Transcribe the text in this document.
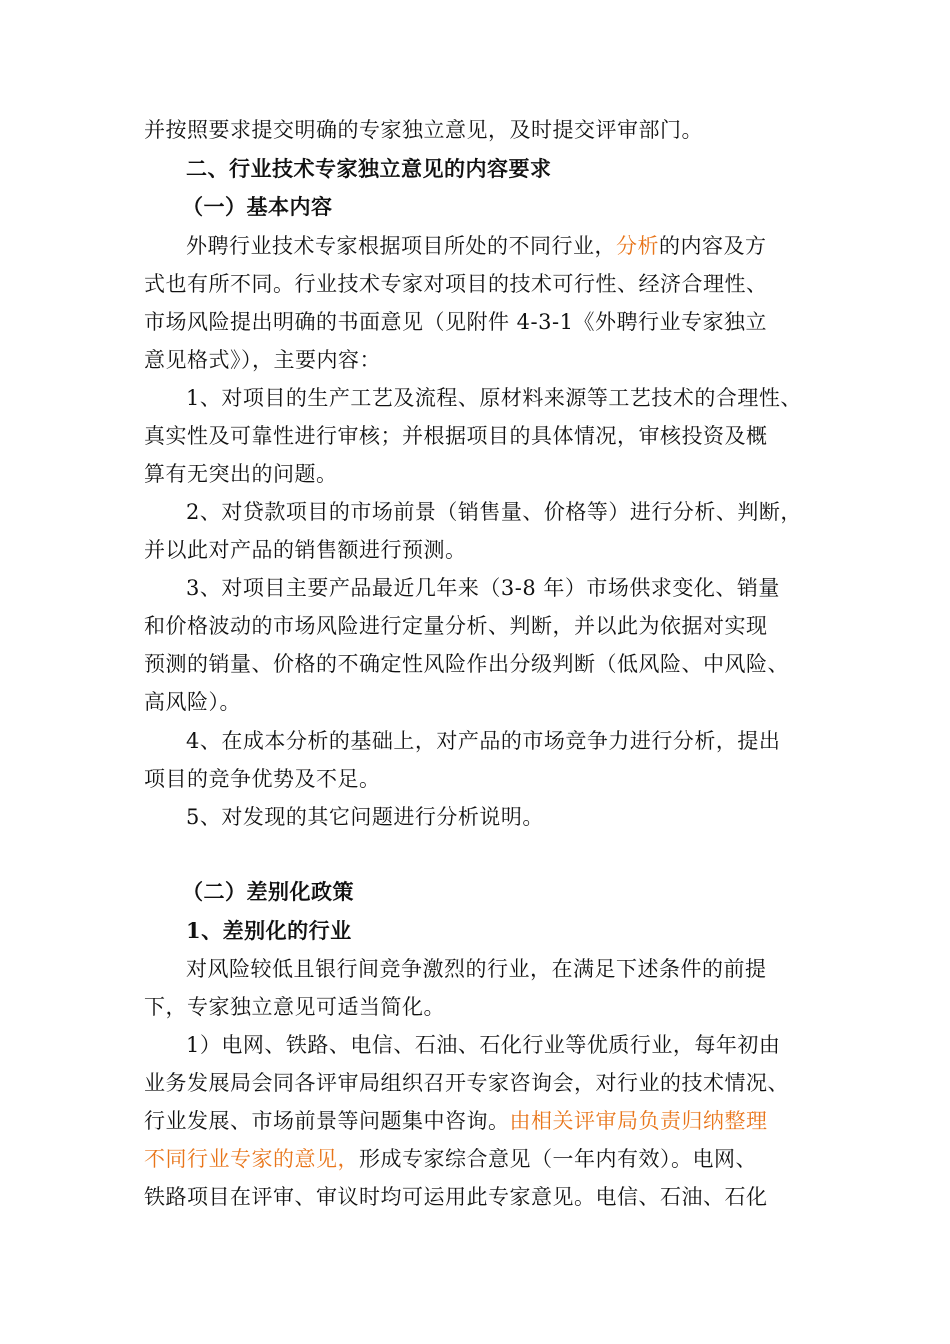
并按照要求提交明确的专家独立意见，及时提交评审部门。
二、行业技术专家独立意见的内容要求
（一）基本内容
外聘行业技术专家根据项目所处的不同行业，分析的内容及方
式也有所不同。行业技术专家对项目的技术可行性、经济合理性、
市场风险提出明确的书面意见（见附件 4-3-1《外聘行业专家独立
意见格式》），主要内容：
1、对项目的生产工艺及流程、原材料来源等工艺技术的合理性、
真实性及可靠性进行审核；并根据项目的具体情况，审核投资及概
算有无突出的问题。
2、对贷款项目的市场前景（销售量、价格等）进行分析、判断，
并以此对产品的销售额进行预测。
3、对项目主要产品最近几年来（3-8 年）市场供求变化、销量
和价格波动的市场风险进行定量分析、判断，并以此为依据对实现
预测的销量、价格的不确定性风险作出分级判断（低风险、中风险、
高风险）。
4、在成本分析的基础上，对产品的市场竞争力进行分析，提出
项目的竞争优势及不足。
5、对发现的其它问题进行分析说明。
（二）差别化政策
1、差别化的行业
对风险较低且银行间竞争激烈的行业，在满足下述条件的前提
下，专家独立意见可适当简化。
1）电网、铁路、电信、石油、石化行业等优质行业，每年初由
业务发展局会同各评审局组织召开专家咨询会，对行业的技术情况、
行业发展、市场前景等问题集中咨询。由相关评审局负责归纳整理
不同行业专家的意见，形成专家综合意见（一年内有效）。电网、
铁路项目在评审、审议时均可运用此专家意见。电信、石油、石化
